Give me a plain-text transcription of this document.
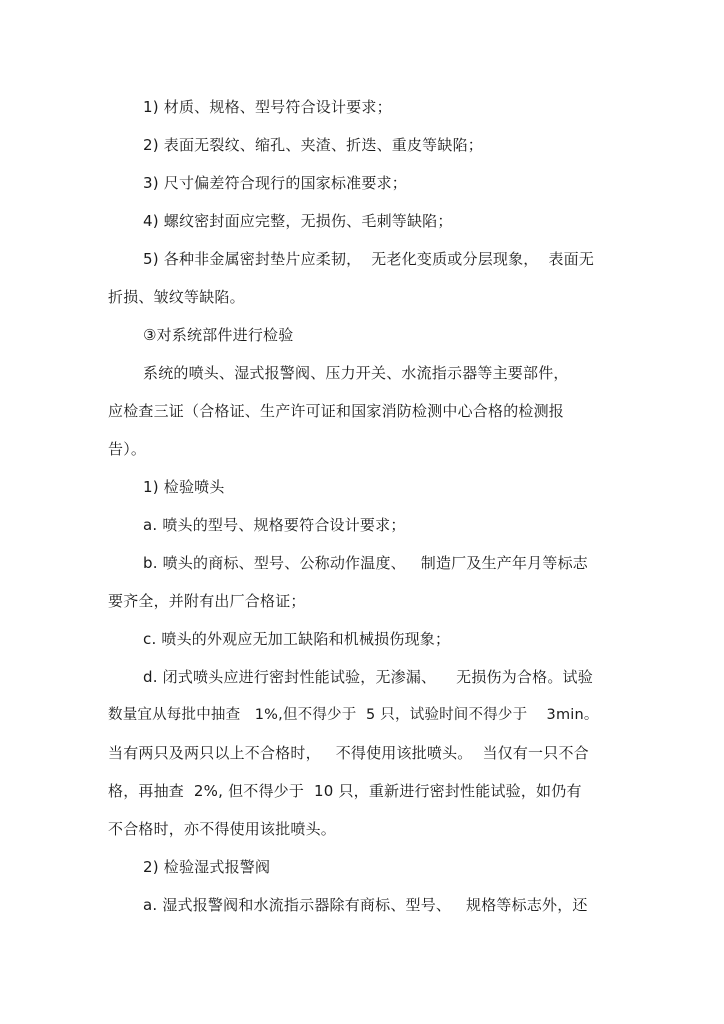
1) 材质、规格、型号符合设计要求；
2) 表面无裂纹、缩孔、夹渣、折迭、重皮等缺陷；
3) 尺寸偏差符合现行的国家标准要求；
4) 螺纹密封面应完整，无损伤、毛刺等缺陷；
5) 各种非金属密封垫片应柔韧，  无老化变质或分层现象，  表面无
折损、皱纹等缺陷。
③对系统部件进行检验
系统的喷头、湿式报警阀、压力开关、水流指示器等主要部件，
应检查三证（合格证、生产许可证和国家消防检测中心合格的检测报
告）。
1) 检验喷头
a. 喷头的型号、规格要符合设计要求；
b. 喷头的商标、型号、公称动作温度、   制造厂及生产年月等标志
要齐全，并附有出厂合格证；
c. 喷头的外观应无加工缺陷和机械损伤现象；
d. 闭式喷头应进行密封性能试验，无渗漏、    无损伤为合格。试验
数量宜从每批中抽查   1%,但不得少于  5 只，试验时间不得少于    3min。
当有两只及两只以上不合格时，   不得使用该批喷头。  当仅有一只不合
格，再抽查  2%, 但不得少于  10 只，重新进行密封性能试验，如仍有
不合格时，亦不得使用该批喷头。
2) 检验湿式报警阀
a. 湿式报警阀和水流指示器除有商标、型号、   规格等标志外，还
